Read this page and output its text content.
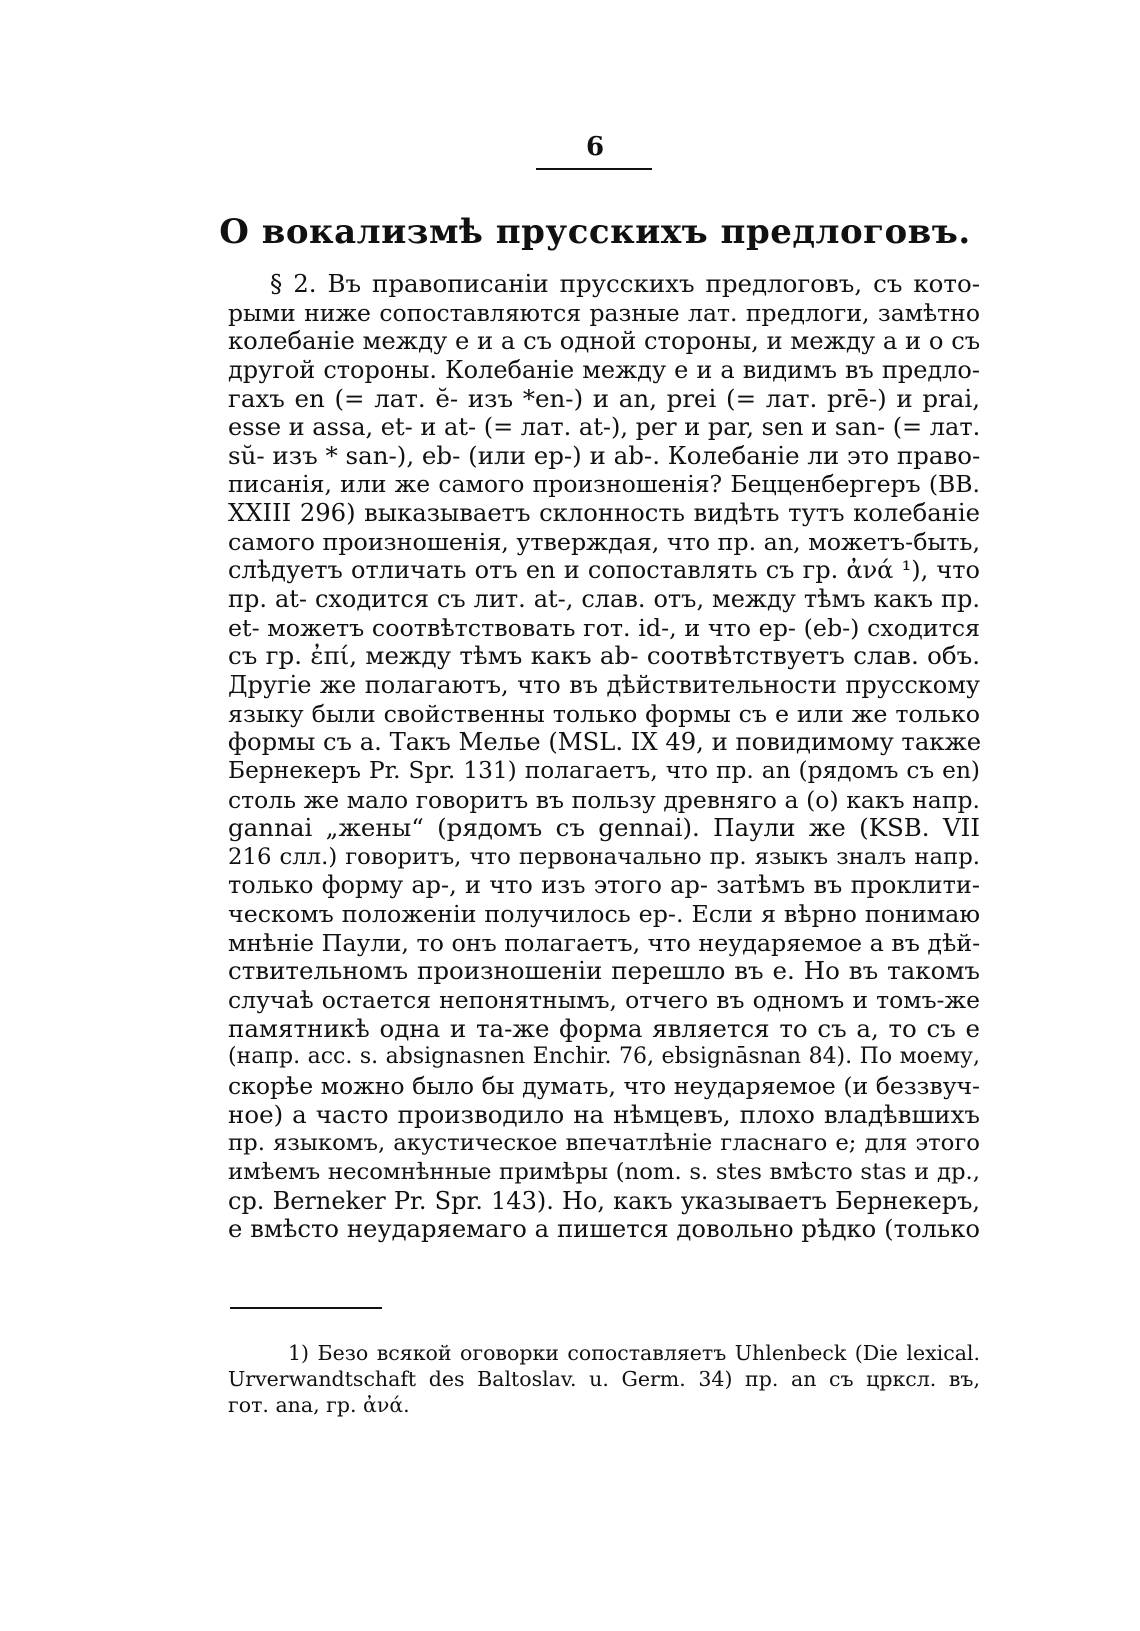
6
О вокализмѣ прусскихъ предлоговъ.
§ 2. Въ правописанiи прусскихъ предлоговъ, съ кото-
рыми ниже сопоставляются разные лат. предлоги, замѣтно
колебанiе между e и a съ одной стороны, и между a и o съ
другой стороны. Колебанiе между e и a видимъ въ предло-
гахъ en (= лат. ĕ- изъ *en-) и an, prei (= лат. prē-) и prai,
esse и assa, et- и at- (= лат. at-), per и par, sen и san- (= лат.
sŭ- изъ * san-), eb- (или ep-) и ab-. Колебанiе ли это право-
писанiя, или же самого произношенiя? Бецценбергеръ (BB.
XXIII 296) выказываетъ склонность видѣть тутъ колебанiе
самого произношенiя, утверждая, что пр. an, можетъ-быть,
слѣдуетъ отличать отъ en и сопоставлять съ гр. ἀνά ¹), что
пр. at- сходится съ лит. at-, слав. отъ, между тѣмъ какъ пр.
et- можетъ соотвѣтствовать гот. id-, и что ep- (eb-) сходится
съ гр. ἐπί, между тѣмъ какъ ab- соотвѣтствуетъ слав. объ.
Другiе же полагаютъ, что въ дѣйствительности прусскому
языку были свойственны только формы съ e или же только
формы съ a. Такъ Мелье (MSL. IX 49, и повидимому также
Бернекеръ Pr. Spr. 131) полагаетъ, что пр. an (рядомъ съ en)
столь же мало говоритъ въ пользу древняго a (o) какъ напр.
gannai „жены“ (рядомъ съ gennai). Паули же (KSB. VII
216 слл.) говоритъ, что первоначально пр. языкъ зналъ напр.
только форму ap-, и что изъ этого ap- затѣмъ въ проклити-
ческомъ положенiи получилось ep-. Если я вѣрно понимаю
мнѣнiе Паули, то онъ полагаетъ, что неударяемое a въ дѣй-
ствительномъ произношенiи перешло въ e. Но въ такомъ
случаѣ остается непонятнымъ, отчего въ одномъ и томъ-же
памятникѣ одна и та-же форма является то съ a, то съ e
(напр. acc. s. absignasnen Enchir. 76, ebsignāsnan 84). По моему,
скорѣе можно было бы думать, что неударяемое (и беззвуч-
ное) a часто производило на нѣмцевъ, плохо владѣвшихъ
пр. языкомъ, акустическое впечатлѣнiе гласнаго e; для этого
имѣемъ несомнѣнные примѣры (nom. s. stes вмѣсто stas и др.,
ср. Berneker Pr. Spr. 143). Но, какъ указываетъ Бернекеръ,
e вмѣсто неударяемаго a пишется довольно рѣдко (только
1) Безо всякой оговорки сопоставляетъ Uhlenbeck (Die lexical.
Urverwandtschaft des Baltoslav. u. Germ. 34) пр. an съ цркcл. въ,
гот. ana, гр. ἀνά.
